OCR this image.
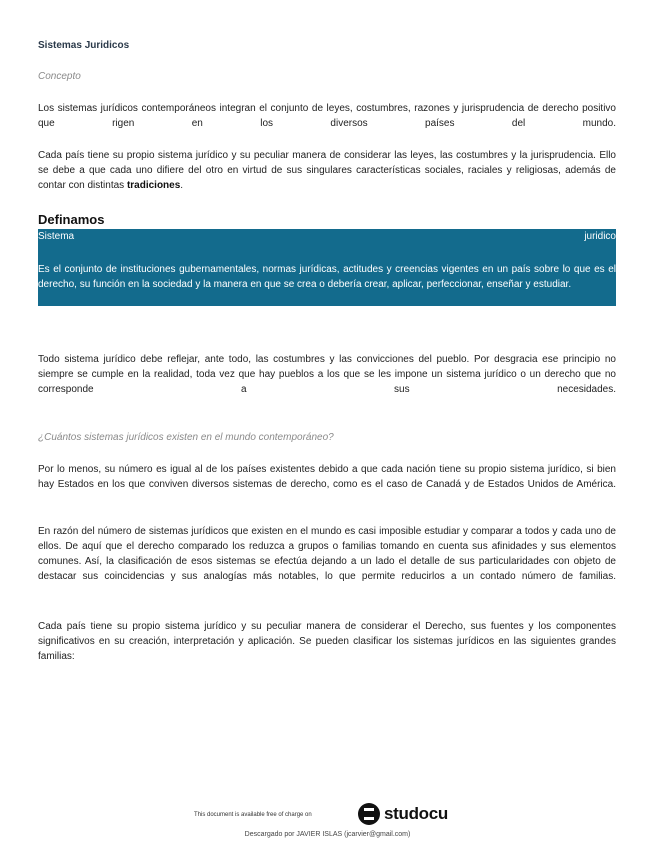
Sistemas Juridicos
Concepto
Los sistemas jurídicos contemporáneos integran el conjunto de leyes, costumbres, razones y jurisprudencia de derecho positivo que rigen en los diversos países del mundo.
Cada país tiene su propio sistema jurídico y su peculiar manera de considerar las leyes, las costumbres y la jurisprudencia. Ello se debe a que cada uno difiere del otro en virtud de sus singulares características sociales, raciales y religiosas, además de contar con distintas tradiciones.
Definamos
Sistema	juridico
Es el conjunto de instituciones gubernamentales, normas jurídicas, actitudes y creencias vigentes en un país sobre lo que es el derecho, su función en la sociedad y la manera en que se crea o debería crear, aplicar, perfeccionar, enseñar y estudiar.
Todo sistema jurídico debe reflejar, ante todo, las costumbres y las convicciones del pueblo. Por desgracia ese principio no siempre se cumple en la realidad, toda vez que hay pueblos a los que se les impone un sistema jurídico o un derecho que no corresponde a sus necesidades.
¿Cuántos sistemas jurídicos existen en el mundo contemporáneo?
Por lo menos, su número es igual al de los países existentes debido a que cada nación tiene su propio sistema jurídico, si bien hay Estados en los que conviven diversos sistemas de derecho, como es el caso de Canadá y de Estados Unidos de América.
En razón del número de sistemas jurídicos que existen en el mundo es casi imposible estudiar y comparar a todos y cada uno de ellos. De aquí que el derecho comparado los reduzca a grupos o familias tomando en cuenta sus afinidades y sus elementos comunes. Así, la clasificación de esos sistemas se efectúa dejando a un lado el detalle de sus particularidades con objeto de destacar sus coincidencias y sus analogías más notables, lo que permite reducirlos a un contado número de familias.
Cada país tiene su propio sistema jurídico y su peculiar manera de considerar el Derecho, sus fuentes y los componentes significativos en su creación, interpretación y aplicación. Se pueden clasificar los sistemas jurídicos en las siguientes grandes familias:
This document is available free of charge on	studocu
Descargado por JAVIER ISLAS (jcarvier@gmail.com)
